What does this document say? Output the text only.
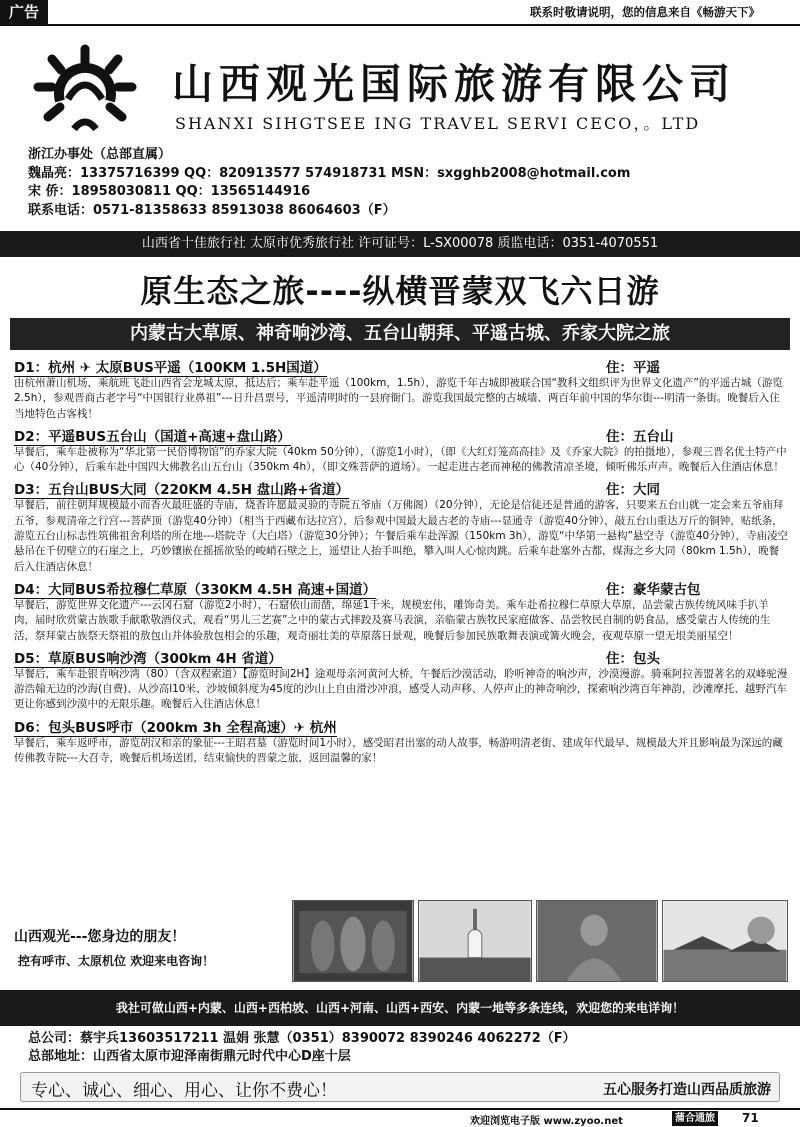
广告	联系时敬请说明，您的信息来自《畅游天下》
山西观光国际旅游有限公司
SHANXI SIHGTSEE ING TRAVEL SERVI CECO，。LTD
浙江办事处（总部直属）
魏晶亮：13375716399 QQ：820913577 574918731 MSN：sxgghb2008@hotmail.com
宋 侨：18958030811 QQ：13565144916
联系电话：0571-81358633 85913038 86064603（F）
山西省十佳旅行社 太原市优秀旅行社 许可证号：L-SX00078 质监电话：0351-4070551
原生态之旅----纵横晋蒙双飞六日游
内蒙古大草原、神奇响沙湾、五台山朝拜、平遥古城、乔家大院之旅
D1：杭州 ✈ 太原BUS平遥（100KM 1.5H国道）	住：平遥
由杭州萧山机场，乘航班飞赴山西省会龙城太原，抵达后；乘车赴平遥（100km，1.5h），游览千年古城即被联合国“教科文组织评为世界文化遗产”的平遥古城（游览2.5h），参观晋商古老字号“中国银行业鼻祖”---日升昌票号，平遥清明时的一县府衙门。游览我国最完整的古城墙、两百年前中国的华尔街---明清一条街。晚餐后入住当地特色古客栈！
D2：平遥BUS五台山（国道+高速+盘山路）	住：五台山
早餐后，乘车赴被称为“华北第一民俗博物馆”的乔家大院（40km 50分钟），（游览1小时），（即《大红灯笼高高挂》及《乔家大院》的拍摄地），参观三晋名优土特产中心（40分钟），后乘车赴中国四大佛教名山五台山（350km 4h），（即文殊菩萨的道场）。一起走进古老而神秘的佛教清凉圣境，倾听佛乐声声。晚餐后入住酒店休息！
D3：五台山BUS大同（220KM 4.5H 盘山路+省道）	住：大同
早餐后，前往朝拜规模最小而香火最旺盛的寺庙，烧香许愿最灵验的寺院五爷庙（万佛阁）（20分钟），无论是信徒还是普通的游客，只要来五台山就一定会来五爷庙拜五爷，参观清帝之行宫---菩萨顶（游览40分钟）（相当于西藏布达拉宫），后参观中国最大最古老的寺庙---显通寺（游览40分钟），敲五台山重达万斤的铜钟，贴纸条，游览五台山标志性筑佛祖舍利塔的所在地---塔院寺（大白塔）（游览30分钟）；午餐后乘车赴浑源（150km 3h），游览“中华第一悬构”悬空寺（游览40分钟），寺庙凌空悬吊在千仞壁立的石崖之上，巧妙镶嵌在摇摇欲坠的峻峭石壁之上，遥望让人抬手叫绝，攀入叫人心惊肉跳。后乘车赴塞外古都，煤海之乡大同（80km 1.5h），晚餐后入住酒店休息！
D4：大同BUS希拉穆仁草原（330KM 4.5H 高速+国道）	住：豪华蒙古包
早餐后，游览世界文化遗产---云冈石窟（游览2小时），石窟依山而凿，绵延1千米，规模宏伟，雕饰奇美。乘车赴希拉穆仁草原大草原，品尝蒙古族传统风味手扒羊肉，届时欣赏蒙古族歌手献歌敬酒仪式，观看“男儿三艺赛”之中的蒙古式摔跤及赛马表演，亲临蒙古族牧民家庭做客、品尝牧民自制的奶食品，感受蒙古人传统的生活，祭拜蒙古族祭天祭祖的敖包山并体验敖包相会的乐趣，观奇丽壮美的草原落日景观，晚餐后参加民族歌舞表演或篝火晚会，夜观草原一望无垠美丽星空！
D5：草原BUS响沙湾（300km 4H 省道）	住：包头
早餐后，乘车赴银肯响沙湾（80）（含双程索道）【游览时间2H】途观母亲河黄河大桥，午餐后沙漠活动，聆听神奇的响沙声，沙漠漫游。骑乘阿拉善盟著名的双峰驼漫游浩翰无边的沙海(自费)、从沙高l10米、沙坡倾斜度为45度的沙山上自由滑沙冲浪，感受人动声移、人停声止的神奇响沙，探索响沙湾百年神韵，沙滩摩托、越野汽车更让你感到沙漠中的无限乐趣。晚餐后入住酒店休息！
D6：包头BUS呼市（200km 3h 全程高速）✈ 杭州
早餐后，乘车返呼市，游览胡汉和亲的象征---王昭君墓（游览时间1小时），感受昭君出塞的动人故事，畅游明清老街、建成年代最早、规模最大并且影响最为深远的藏传佛教寺院---大召寺，晚餐后机场送团，结束愉快的晋蒙之旅，返回温馨的家！
山西观光---您身边的朋友！
控有呼市、太原机位 欢迎来电咨询！
我社可做山西+内蒙、山西+西柏坡、山西+河南、山西+西安、内蒙一地等多条连线，欢迎您的来电详询！
总公司：蔡宇兵13603517211 温娟 张慧（0351）8390072 8390246 4062272（F）
总部地址：山西省太原市迎泽南街鼎元时代中心D座十层
专心、诚心、细心、用心、让你不费心！	五心服务打造山西品质旅游
欢迎浏览电子版 www.zyoo.net	蒲合通旅 71
